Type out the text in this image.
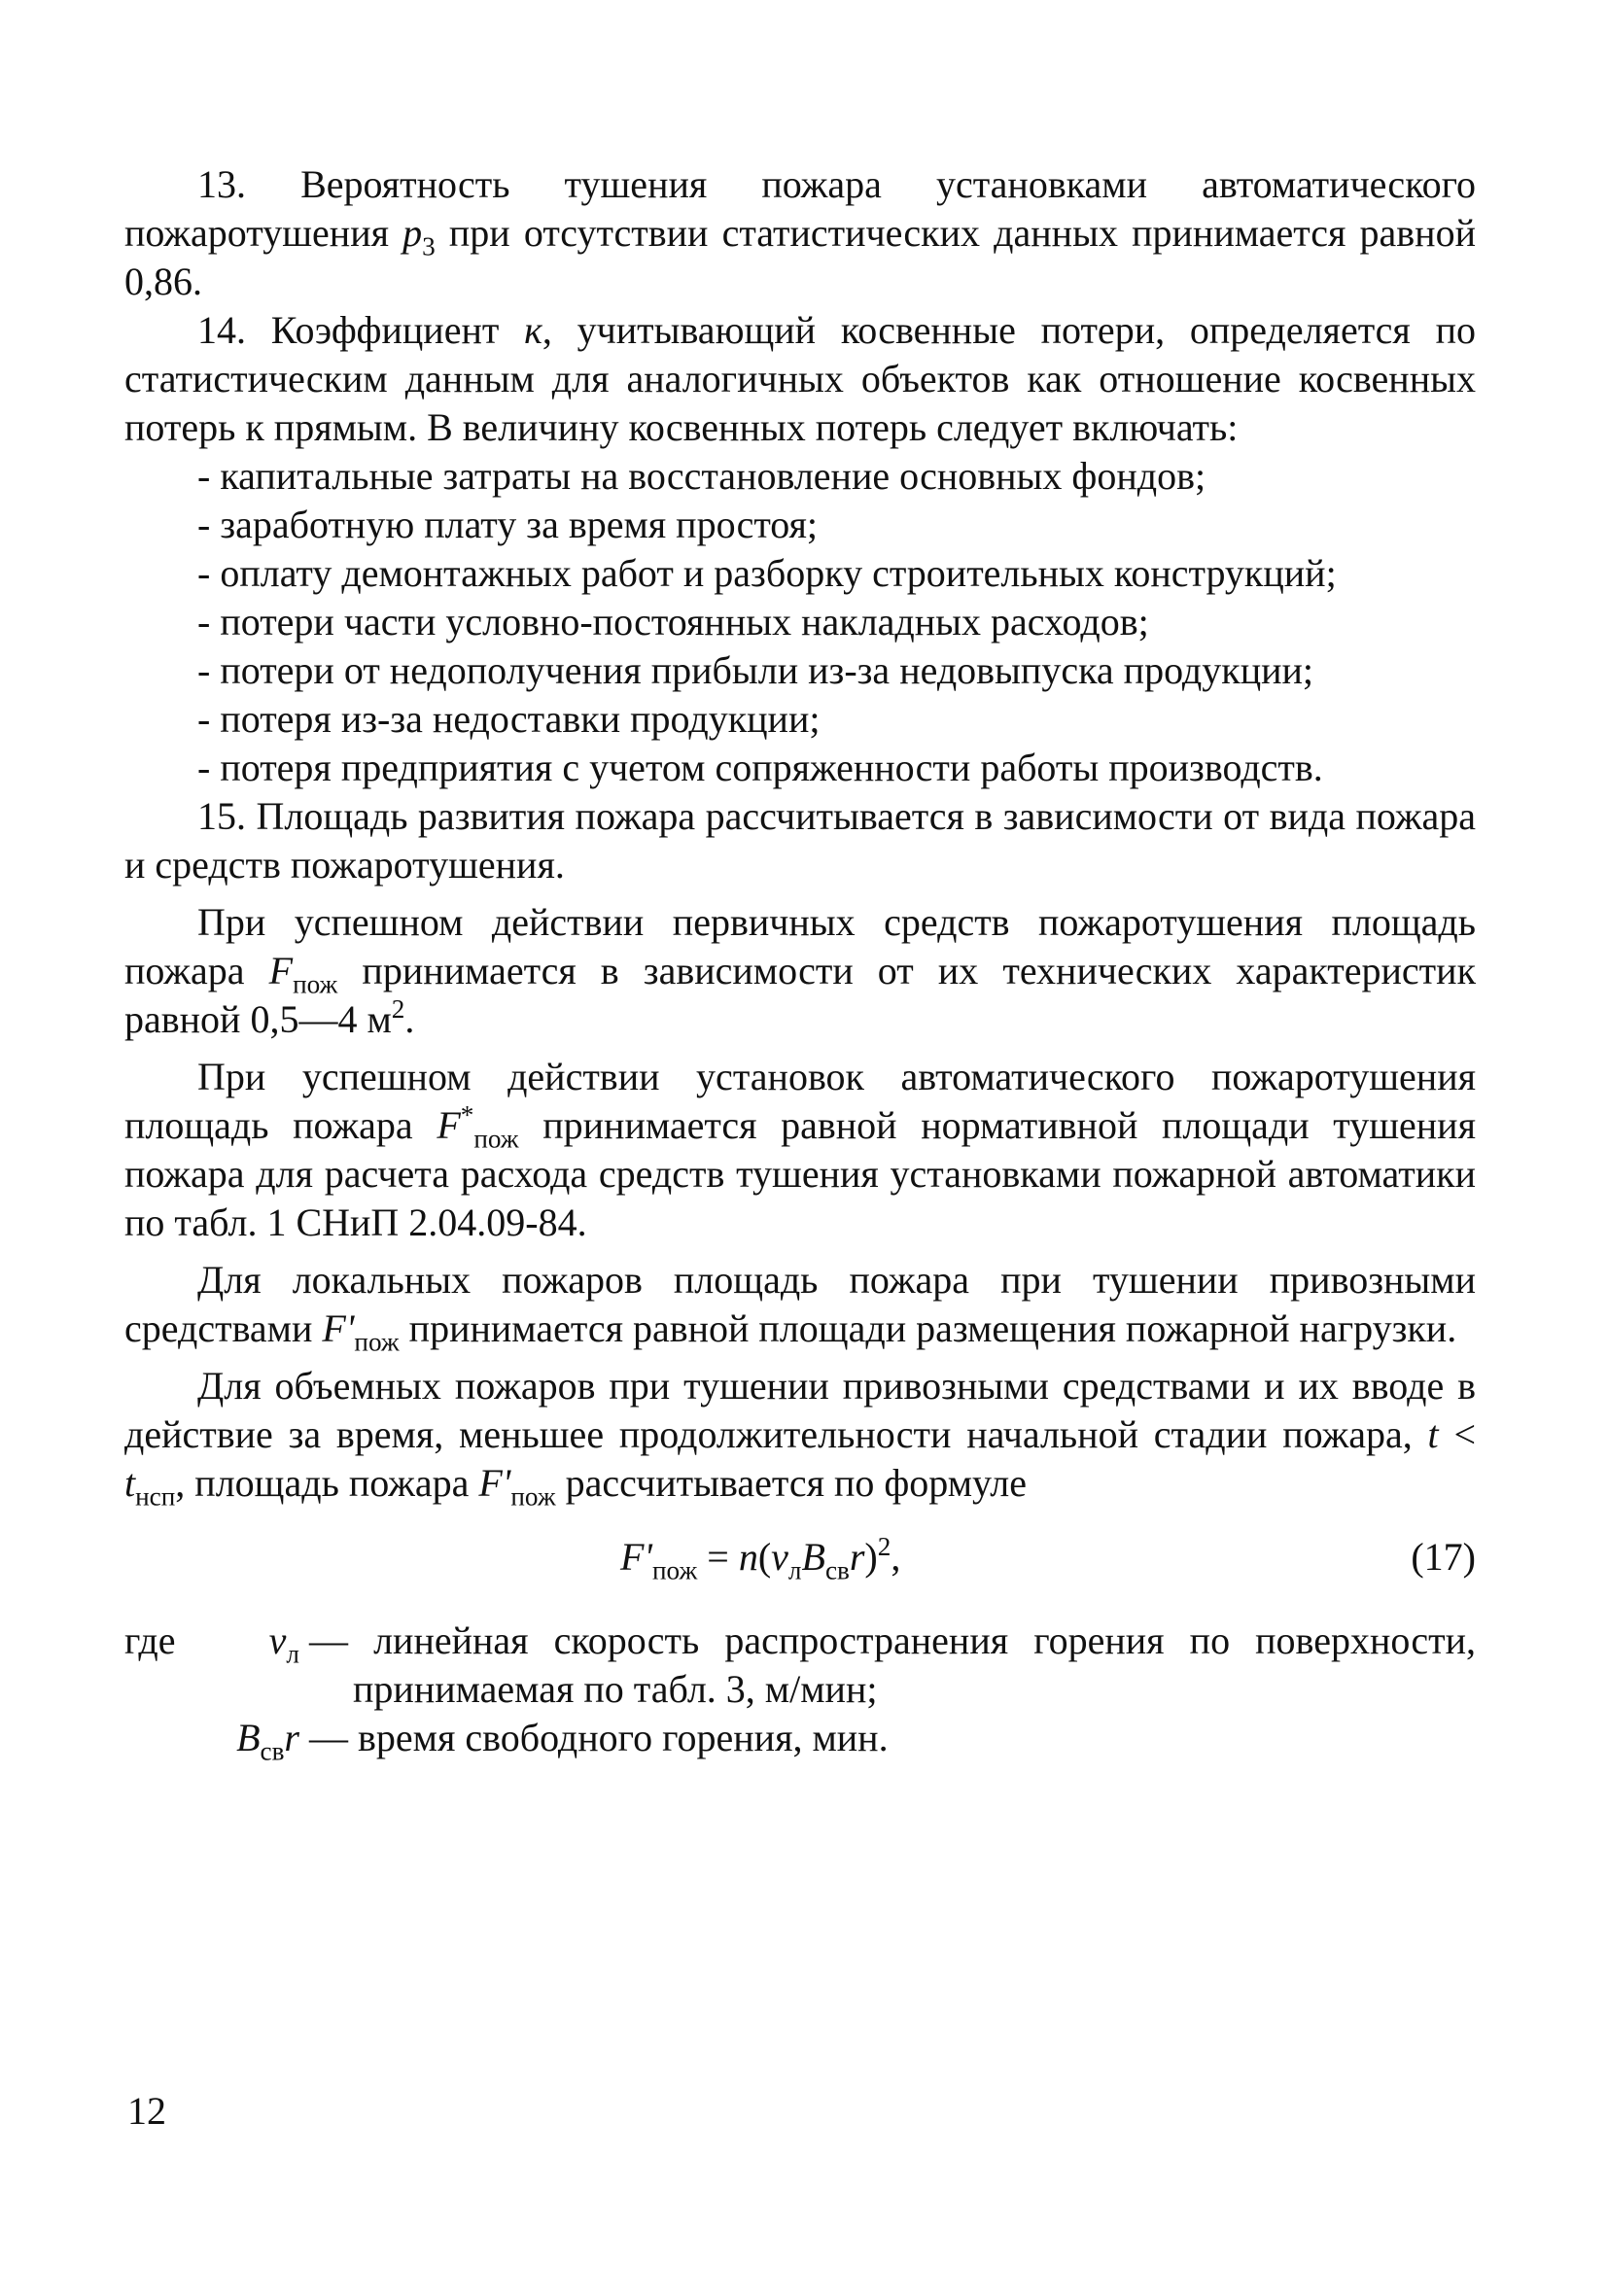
13. Вероятность тушения пожара установками автоматического пожаротушения $p_3$ при отсутствии статистических данных принимается равной 0,86.

14. Коэффициент к, учитывающий косвенные потери, определяется по статистическим данным для аналогичных объектов как отношение косвенных потерь к прямым. В величину косвенных потерь следует включать:

- капитальные затраты на восстановление основных фондов;

- заработную плату за время простоя;

- оплату демонтажных работ и разборку строительных конструкций;

- потери части условно-постоянных накладных расходов;

- потери от недополучения прибыли из-за недовыпуска продукции;

- потеря из-за недоставки продукции;

- потеря предприятия с учетом сопряженности работы производств.

15. Площадь развития пожара рассчитывается в зависимости от вида пожара и средств пожаротушения.

При успешном действии первичных средств пожаротушения площадь пожара $F_{пож}$ принимается в зависимости от их технических характеристик равной 0,5—4 $м^2$.

При успешном действии установок автоматического пожаротушения площадь пожара $F^*_{пож}$ принимается равной нормативной площади тушения пожара для расчета расхода средств тушения установками пожарной автоматики по табл. 1 СНиП 2.04.09-84.

Для локальных пожаров площадь пожара при тушении привозными средствами $F'_{пож}$ принимается равной площади размещения пожарной нагрузки.

Для объемных пожаров при тушении привозными средствами и их вводе в действие за время, меньшее продолжительности начальной стадии пожара, $t < t_{нсп}$, площадь пожара $F'_{пож}$ рассчитывается по формуле

$F'_{пож} = n(v_лB_{св}r)^2$,	(17)
где	$v_л$ — линейная скорость распространения горения по поверхности, принимаемая по табл. 3, м/мин;
$B_{св}r$ — время свободного горения, мин.
12
